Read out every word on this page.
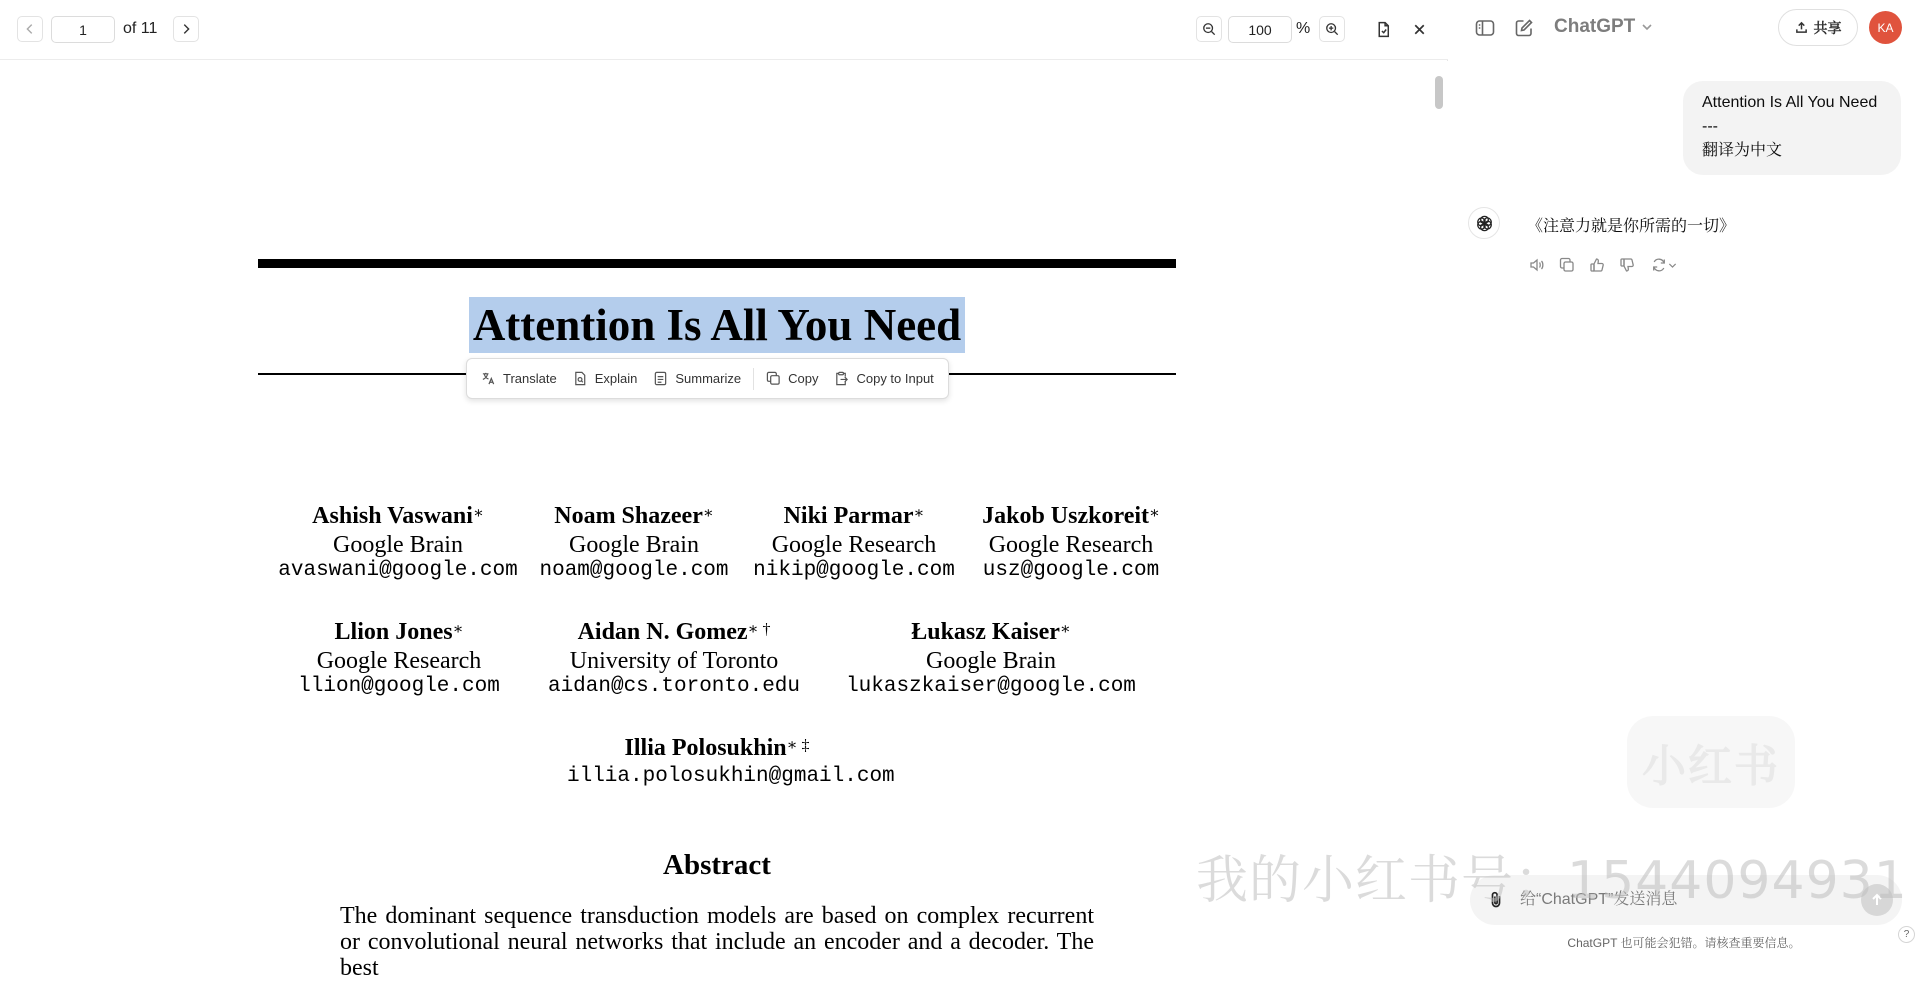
1
of 11
100	%
Attention Is All You Need
Ashish Vaswani∗
Google Brain
avaswani@google.com
Noam Shazeer∗
Google Brain
noam@google.com
Niki Parmar∗
Google Research
nikip@google.com
Jakob Uszkoreit∗
Google Research
usz@google.com
Llion Jones∗
Google Research
llion@google.com
Aidan N. Gomez∗ †
University of Toronto
aidan@cs.toronto.edu
Łukasz Kaiser∗
Google Brain
lukaszkaiser@google.com
Illia Polosukhin∗ ‡
illia.polosukhin@gmail.com
Abstract
The dominant sequence transduction models are based on complex recurrent or convolutional neural networks that include an encoder and a decoder. The best
Translate	Explain	Summarize	Copy	Copy to Input
ChatGPT	共享	KA
Attention Is All You Need
---
翻译为中文
《注意力就是你所需的一切》
小红书
给“ChatGPT”发送消息
ChatGPT 也可能会犯错。请核查重要信息。
?
我的小红书号：1544094931
